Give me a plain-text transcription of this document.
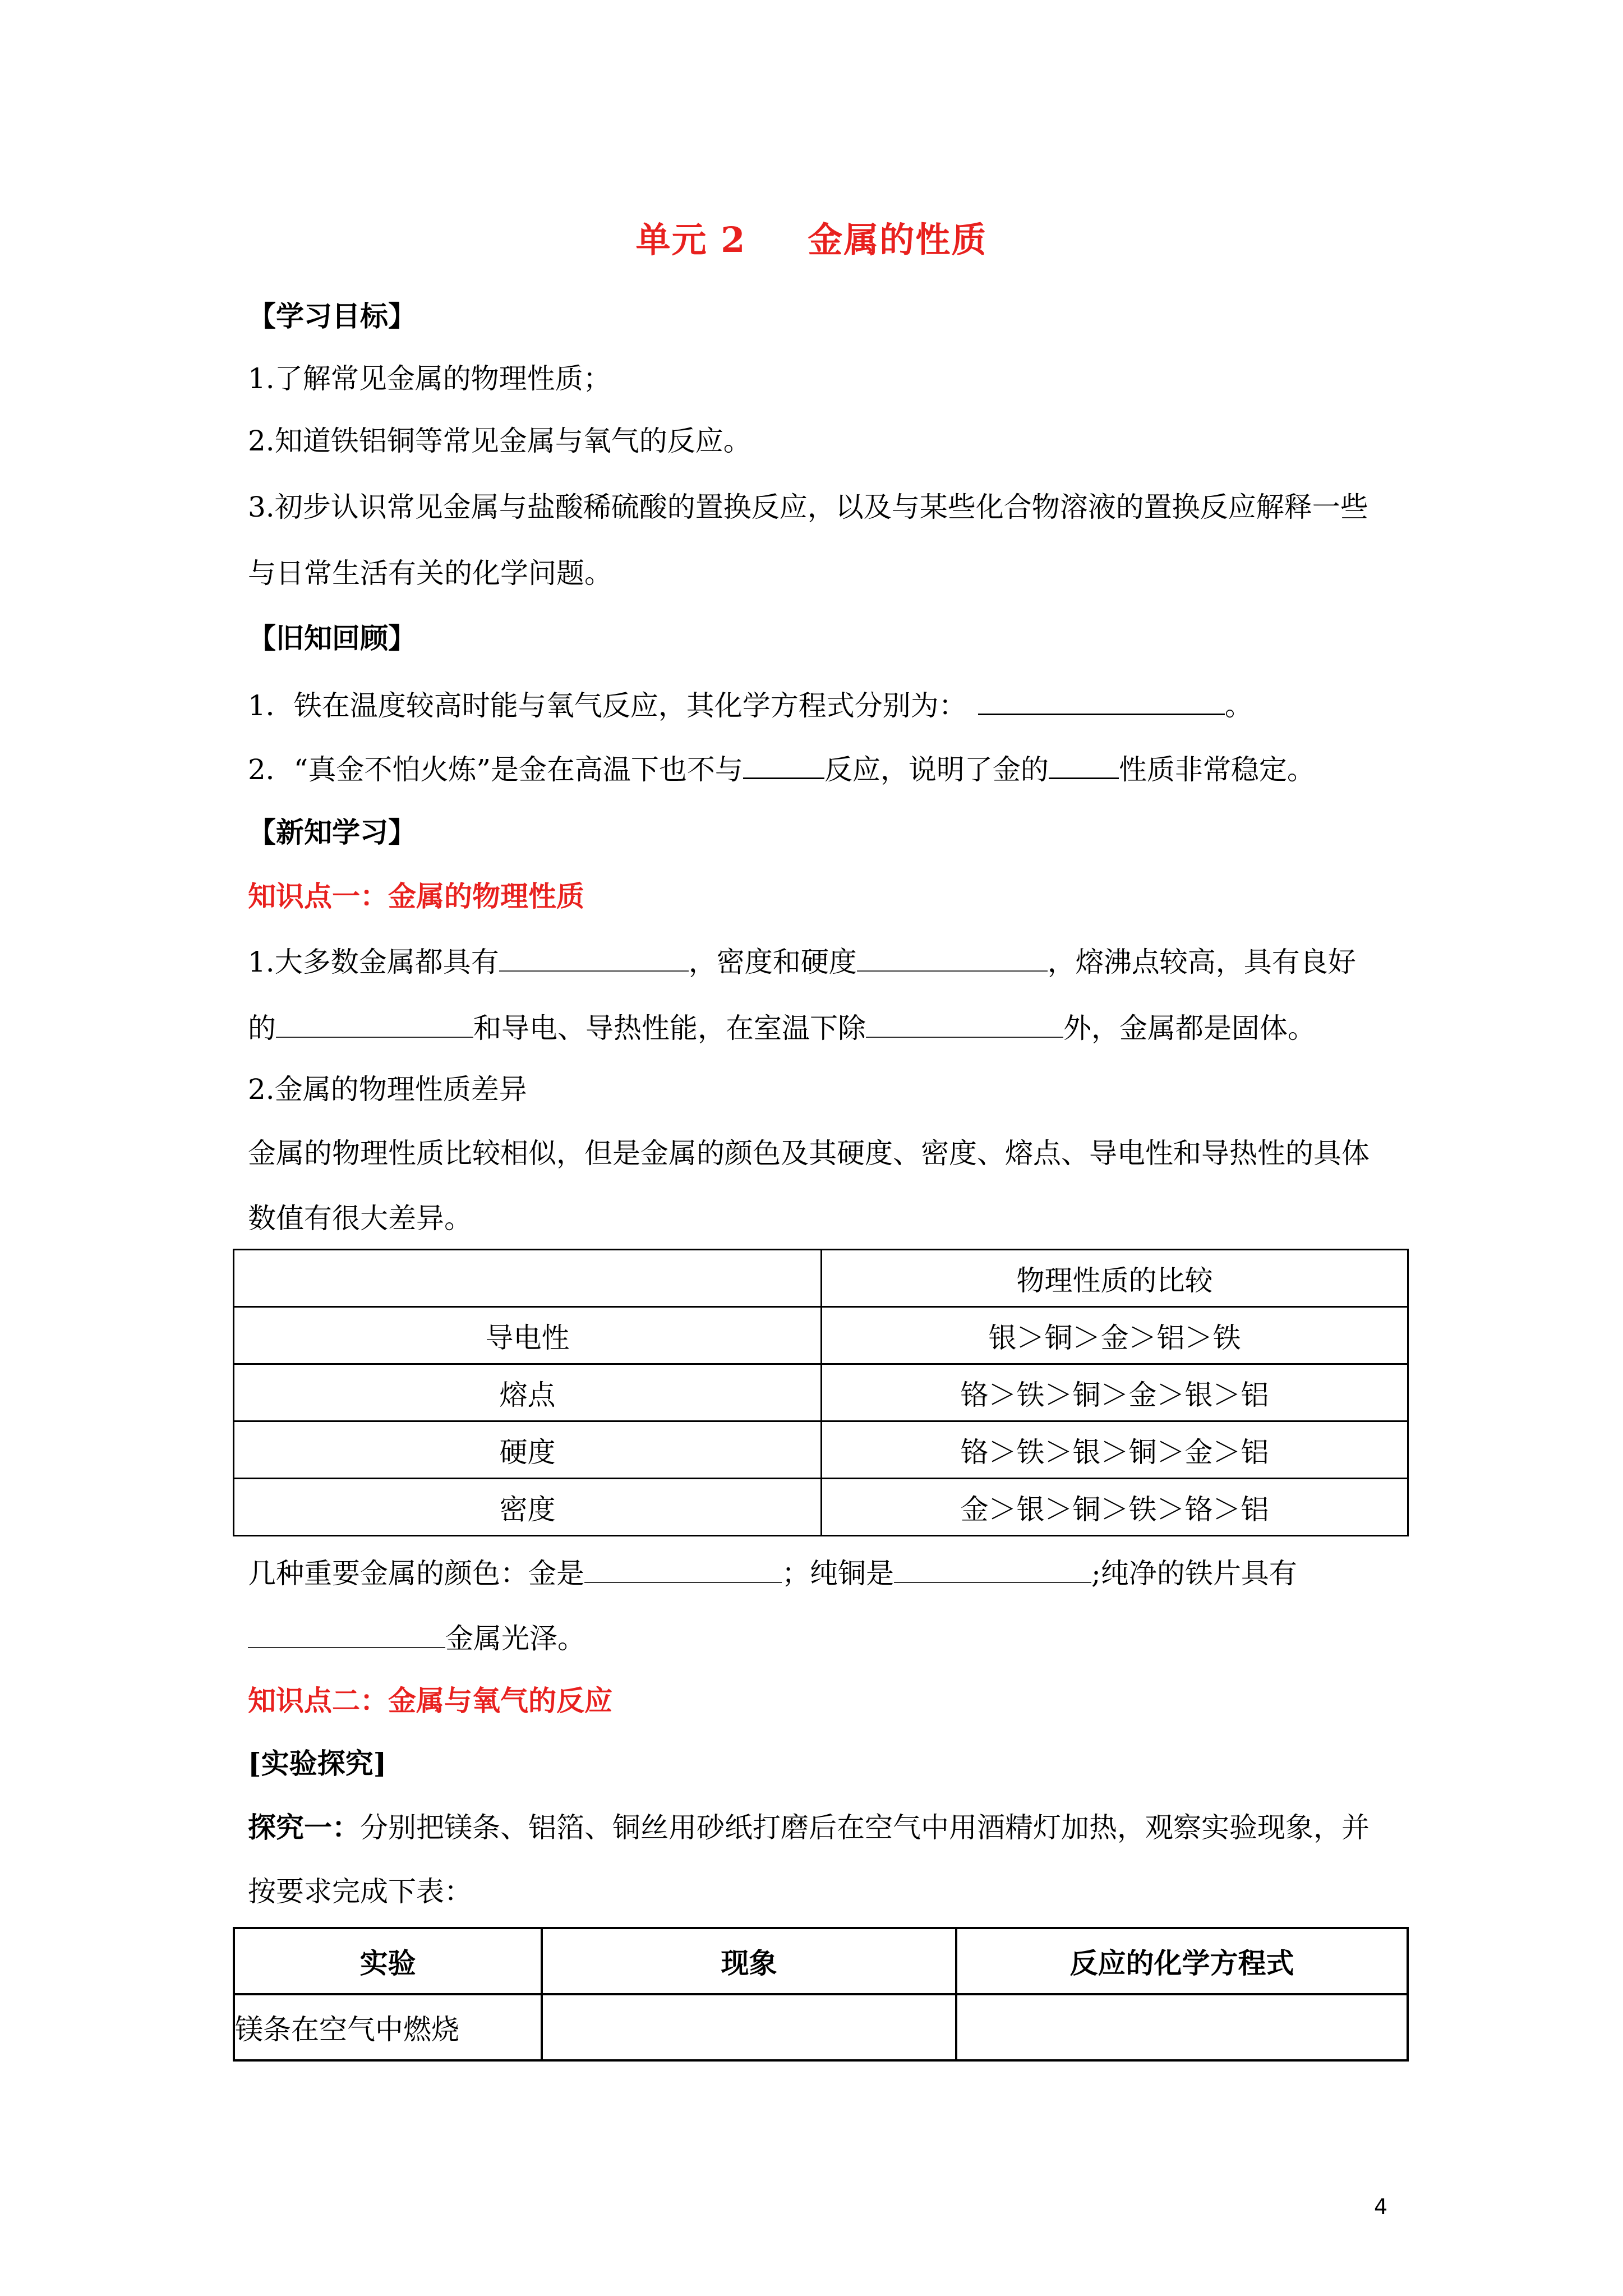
单元 2 金属的性质
【学习目标】
1.了解常见金属的物理性质；
2.知道铁铝铜等常见金属与氧气的反应。
3.初步认识常见金属与盐酸稀硫酸的置换反应，以及与某些化合物溶液的置换反应解释一些
与日常生活有关的化学问题。
【旧知回顾】
1．铁在温度较高时能与氧气反应，其化学方程式分别为：	。
2．“真金不怕火炼”是金在高温下也不与	反应，说明了金的	性质非常稳定。
【新知学习】
知识点一：金属的物理性质
1.大多数金属都具有	，密度和硬度	，熔沸点较高，具有良好
的	和导电、导热性能，在室温下除	外，金属都是固体。
2.金属的物理性质差异
金属的物理性质比较相似，但是金属的颜色及其硬度、密度、熔点、导电性和导热性的具体
数值有很大差异。
	物理性质的比较
导电性	银＞铜＞金＞铝＞铁
熔点	铬＞铁＞铜＞金＞银＞铝
硬度	铬＞铁＞银＞铜＞金＞铝
密度	金＞银＞铜＞铁＞铬＞铝
几种重要金属的颜色：金是	；纯铜是	;纯净的铁片具有
金属光泽。
知识点二：金属与氧气的反应
[实验探究]
探究一：分别把镁条、铝箔、铜丝用砂纸打磨后在空气中用酒精灯加热，观察实验现象，并
按要求完成下表：
实验	现象	反应的化学方程式
镁条在空气中燃烧		
4
